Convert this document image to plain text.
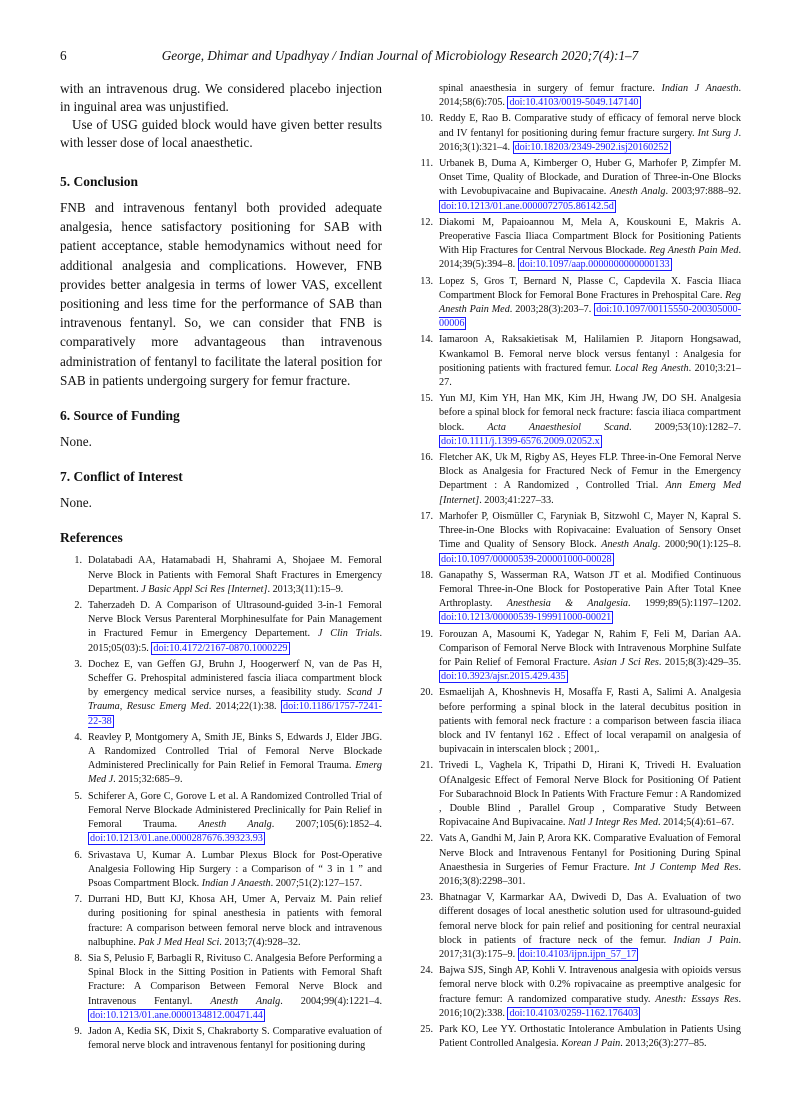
6	George, Dhimar and Upadhyay / Indian Journal of Microbiology Research 2020;7(4):1–7

with an intravenous drug. We considered placebo injection in inguinal area was unjustified.

Use of USG guided block would have given better results with lesser dose of local anaesthetic.

5. Conclusion

FNB and intravenous fentanyl both provided adequate analgesia, hence satisfactory positioning for SAB with patient acceptance, stable hemodynamics without need for additional analgesia and complications. However, FNB provides better analgesia in terms of lower VAS, excellent positioning and less time for the performance of SAB than intravenous fentanyl. So, we can consider that FNB is comparatively more advantageous than intravenous administration of fentanyl to facilitate the lateral position for SAB in patients undergoing surgery for femur fracture.

6. Source of Funding

None.

7. Conflict of Interest

None.

References

1. Dolatabadi AA, Hatamabadi H, Shahrami A, Shojaee M. Femoral Nerve Block in Patients with Femoral Shaft Fractures in Emergency Department. J Basic Appl Sci Res [Internet]. 2013;3(11):15–9.
2. Taherzadeh D. A Comparison of Ultrasound-guided 3-in-1 Femoral Nerve Block Versus Parenteral Morphinesulfate for Pain Management in Fractured Femur in Emergency Departement. J Clin Trials. 2015;05(03):5. doi:10.4172/2167-0870.1000229
3. Dochez E, van Geffen GJ, Bruhn J, Hoogerwerf N, van de Pas H, Scheffer G. Prehospital administered fascia iliaca compartment block by emergency medical service nurses, a feasibility study. Scand J Trauma, Resusc Emerg Med. 2014;22(1):38. doi:10.1186/1757-7241-22-38
4. Reavley P, Montgomery A, Smith JE, Binks S, Edwards J, Elder JBG. A Randomized Controlled Trial of Femoral Nerve Blockade Administered Preclinically for Pain Relief in Femoral Trauma. Emerg Med J. 2015;32:685–9.
5. Schiferer A, Gore C, Gorove L et al. A Randomized Controlled Trial of Femoral Nerve Blockade Administered Preclinically for Pain Relief in Femoral Trauma. Anesth Analg. 2007;105(6):1852–4. doi:10.1213/01.ane.0000287676.39323.93
6. Srivastava U, Kumar A. Lumbar Plexus Block for Post-Operative Analgesia Following Hip Surgery : a Comparison of “ 3 in 1 ” and Psoas Compartment Block. Indian J Anaesth. 2007;51(2):127–157.
7. Durrani HD, Butt KJ, Khosa AH, Umer A, Pervaiz M. Pain relief during positioning for spinal anesthesia in patients with femoral fracture: A comparison between femoral nerve block and intravenous nalbuphine. Pak J Med Heal Sci. 2013;7(4):928–32.
8. Sia S, Pelusio F, Barbagli R, Rivituso C. Analgesia Before Performing a Spinal Block in the Sitting Position in Patients with Femoral Shaft Fracture: A Comparison Between Femoral Nerve Block and Intravenous Fentanyl. Anesth Analg. 2004;99(4):1221–4. doi:10.1213/01.ane.0000134812.00471.44
9. Jadon A, Kedia SK, Dixit S, Chakraborty S. Comparative evaluation of femoral nerve block and intravenous fentanyl for positioning during
spinal anaesthesia in surgery of femur fracture. Indian J Anaesth. 2014;58(6):705. doi:10.4103/0019-5049.147140
10. Reddy E, Rao B. Comparative study of efficacy of femoral nerve block and IV fentanyl for positioning during femur fracture surgery. Int Surg J. 2016;3(1):321–4. doi:10.18203/2349-2902.isj20160252
11. Urbanek B, Duma A, Kimberger O, Huber G, Marhofer P, Zimpfer M. Onset Time, Quality of Blockade, and Duration of Three-in-One Blocks with Levobupivacaine and Bupivacaine. Anesth Analg. 2003;97:888–92. doi:10.1213/01.ane.0000072705.86142.5d
12. Diakomi M, Papaioannou M, Mela A, Kouskouni E, Makris A. Preoperative Fascia Iliaca Compartment Block for Positioning Patients With Hip Fractures for Central Nervous Blockade. Reg Anesth Pain Med. 2014;39(5):394–8. doi:10.1097/aap.0000000000000133
13. Lopez S, Gros T, Bernard N, Plasse C, Capdevila X. Fascia Iliaca Compartment Block for Femoral Bone Fractures in Prehospital Care. Reg Anesth Pain Med. 2003;28(3):203–7. doi:10.1097/00115550-200305000-00006
14. Iamaroon A, Raksakietisak M, Halilamien P. Jitaporn Hongsawad, Kwankamol B. Femoral nerve block versus fentanyl : Analgesia for positioning patients with fractured femur. Local Reg Anesth. 2010;3:21–27.
15. Yun MJ, Kim YH, Han MK, Kim JH, Hwang JW, DO SH. Analgesia before a spinal block for femoral neck fracture: fascia iliaca compartment block. Acta Anaesthesiol Scand. 2009;53(10):1282–7. doi:10.1111/j.1399-6576.2009.02052.x
16. Fletcher AK, Uk M, Rigby AS, Heyes FLP. Three-in-One Femoral Nerve Block as Analgesia for Fractured Neck of Femur in the Emergency Department : A Randomized , Controlled Trial. Ann Emerg Med [Internet]. 2003;41:227–33.
17. Marhofer P, Oismüller C, Faryniak B, Sitzwohl C, Mayer N, Kapral S. Three-in-One Blocks with Ropivacaine: Evaluation of Sensory Onset Time and Quality of Sensory Block. Anesth Analg. 2000;90(1):125–8. doi:10.1097/00000539-200001000-00028
18. Ganapathy S, Wasserman RA, Watson JT et al. Modified Continuous Femoral Three-in-One Block for Postoperative Pain After Total Knee Arthroplasty. Anesthesia & Analgesia. 1999;89(5):1197–1202. doi:10.1213/00000539-199911000-00021
19. Forouzan A, Masoumi K, Yadegar N, Rahim F, Feli M, Darian AA. Comparison of Femoral Nerve Block with Intravenous Morphine Sulfate for Pain Relief of Femoral Fracture. Asian J Sci Res. 2015;8(3):429–35. doi:10.3923/ajsr.2015.429.435
20. Esmaelijah A, Khoshnevis H, Mosaffa F, Rasti A, Salimi A. Analgesia before performing a spinal block in the lateral decubitus position in patients with femoral neck fracture : a comparison between fascia iliaca block and IV fentanyl 162 . Effect of local verapamil on analgesia of bupivacain in interscalen block ; 2001,.
21. Trivedi L, Vaghela K, Tripathi D, Hirani K, Trivedi H. Evaluation OfAnalgesic Effect of Femoral Nerve Block for Positioning Of Patient For Subarachnoid Block In Patients With Fracture Femur : A Randomized , Double Blind , Parallel Group , Comparative Study Between Ropivacaine And Bupivacaine. Natl J Integr Res Med. 2014;5(4):61–67.
22. Vats A, Gandhi M, Jain P, Arora KK. Comparative Evaluation of Femoral Nerve Block and Intravenous Fentanyl for Positioning During Spinal Anaesthesia in Surgeries of Femur Fracture. Int J Contemp Med Res. 2016;3(8):2298–301.
23. Bhatnagar V, Karmarkar AA, Dwivedi D, Das A. Evaluation of two different dosages of local anesthetic solution used for ultrasound-guided femoral nerve block for pain relief and positioning for central neuraxial block in patients of fracture neck of the femur. Indian J Pain. 2017;31(3):175–9. doi:10.4103/ijpn.ijpn_57_17
24. Bajwa SJS, Singh AP, Kohli V. Intravenous analgesia with opioids versus femoral nerve block with 0.2% ropivacaine as preemptive analgesic for fracture femur: A randomized comparative study. Anesth: Essays Res. 2016;10(2):338. doi:10.4103/0259-1162.176403
25. Park KO, Lee YY. Orthostatic Intolerance Ambulation in Patients Using Patient Controlled Analgesia. Korean J Pain. 2013;26(3):277–85.
